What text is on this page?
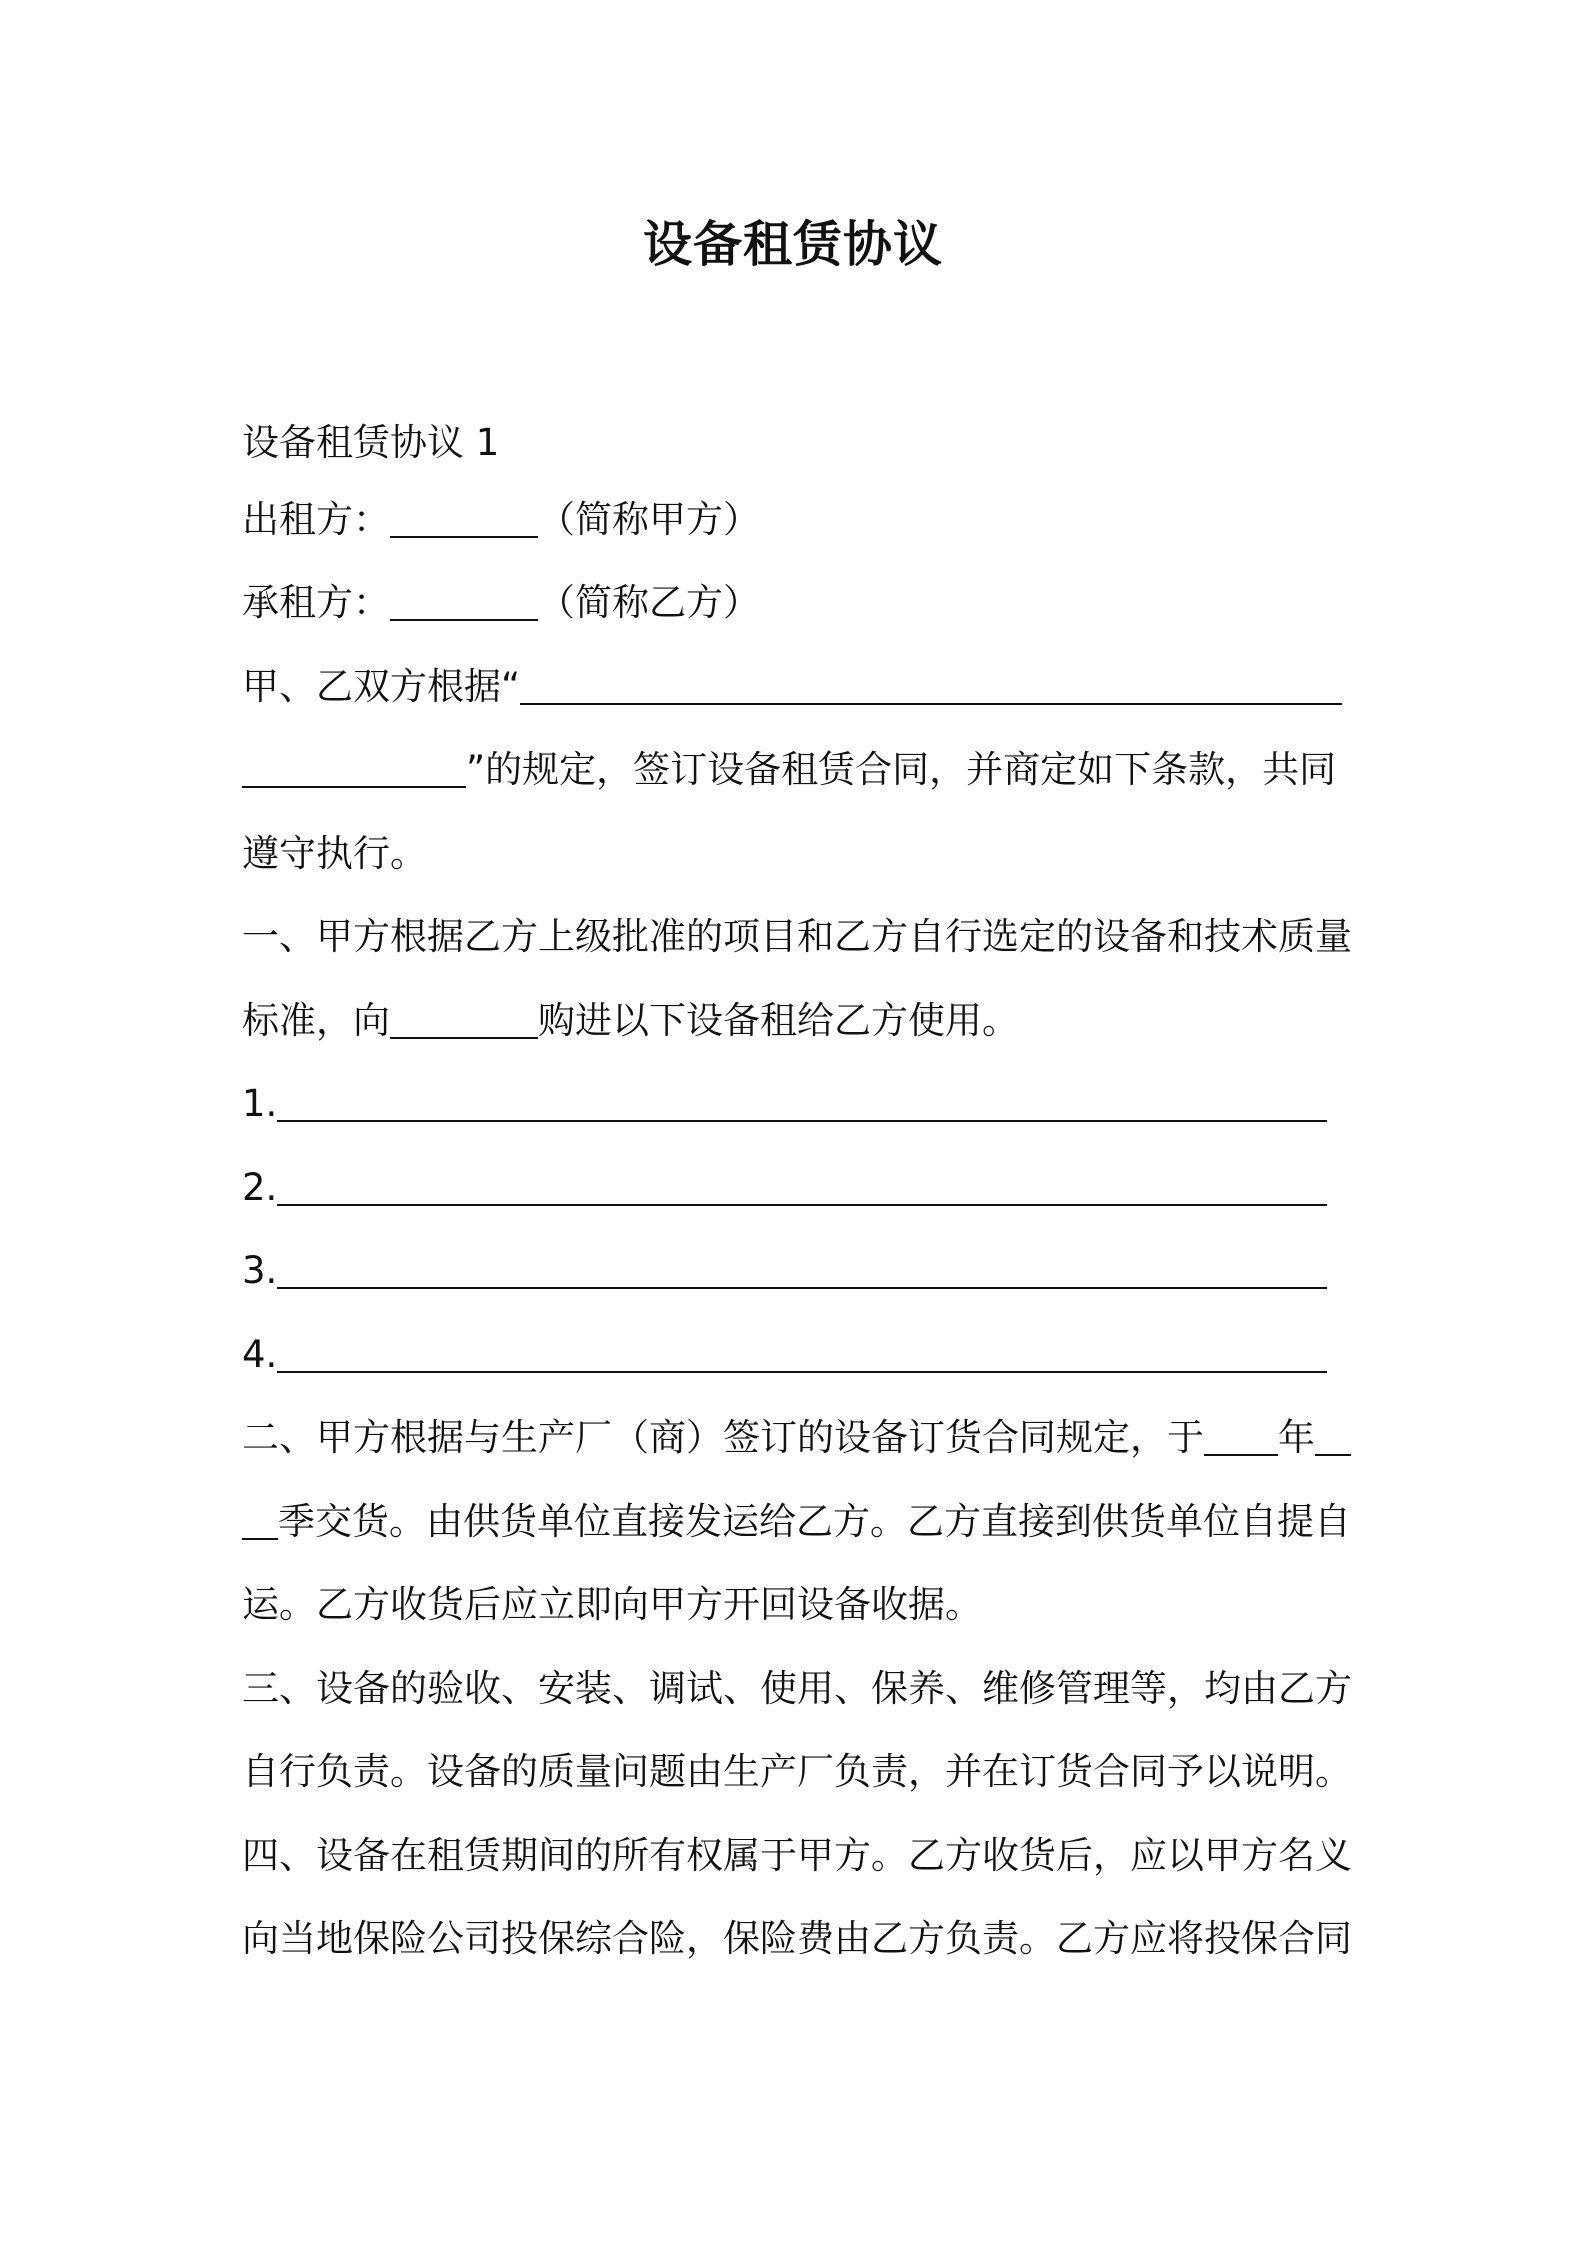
设备租赁协议
设备租赁协议 1
出租方：	（简称甲方）
承租方：	（简称乙方）
甲、乙双方根据“
”的规定，签订设备租赁合同，并商定如下条款，共同
遵守执行。
一、甲方根据乙方上级批准的项目和乙方自行选定的设备和技术质量
标准，向	购进以下设备租给乙方使用。
1.
2.
3.
4.
二、甲方根据与生产厂（商）签订的设备订货合同规定，于 年
季交货。由供货单位直接发运给乙方。乙方直接到供货单位自提自
运。乙方收货后应立即向甲方开回设备收据。
三、设备的验收、安装、调试、使用、保养、维修管理等，均由乙方
自行负责。设备的质量问题由生产厂负责，并在订货合同予以说明。
四、设备在租赁期间的所有权属于甲方。乙方收货后，应以甲方名义
向当地保险公司投保综合险，保险费由乙方负责。乙方应将投保合同
